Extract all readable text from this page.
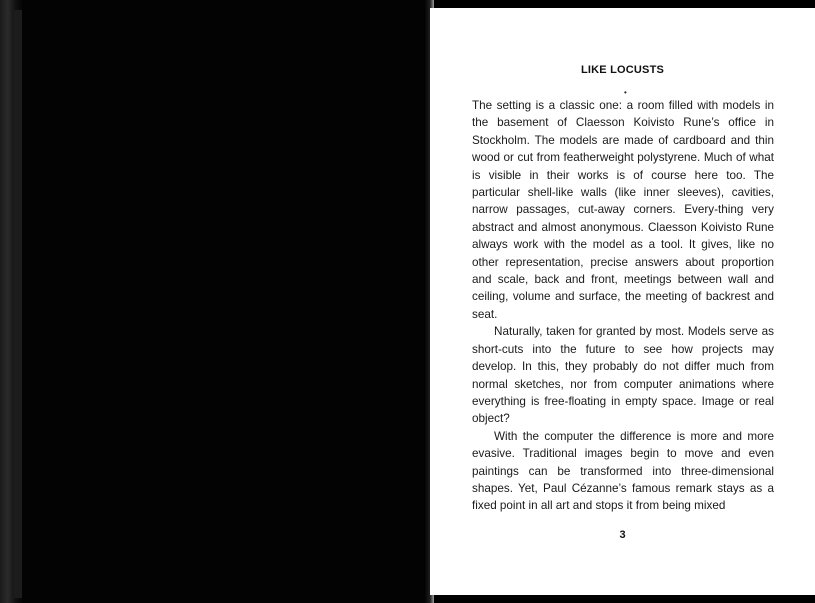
LIKE LOCUSTS
•

The setting is a classic one: a room filled with models in the basement of Claesson Koivisto Rune’s office in Stockholm. The models are made of cardboard and thin wood or cut from featherweight polystyrene. Much of what is visible in their works is of course here too. The particular shell-like walls (like inner sleeves), cavities, narrow passages, cut-away corners. Every-thing very abstract and almost anonymous. Claesson Koivisto Rune always work with the model as a tool. It gives, like no other representation, precise answers about proportion and scale, back and front, meetings between wall and ceiling, volume and surface, the meeting of backrest and seat.

Naturally, taken for granted by most. Models serve as short-cuts into the future to see how projects may develop. In this, they probably do not differ much from normal sketches, nor from computer animations where everything is free-floating in empty space. Image or real object?

With the computer the difference is more and more evasive. Traditional images begin to move and even paintings can be transformed into three-dimensional shapes. Yet, Paul Cézanne’s famous remark stays as a fixed point in all art and stops it from being mixed

3
